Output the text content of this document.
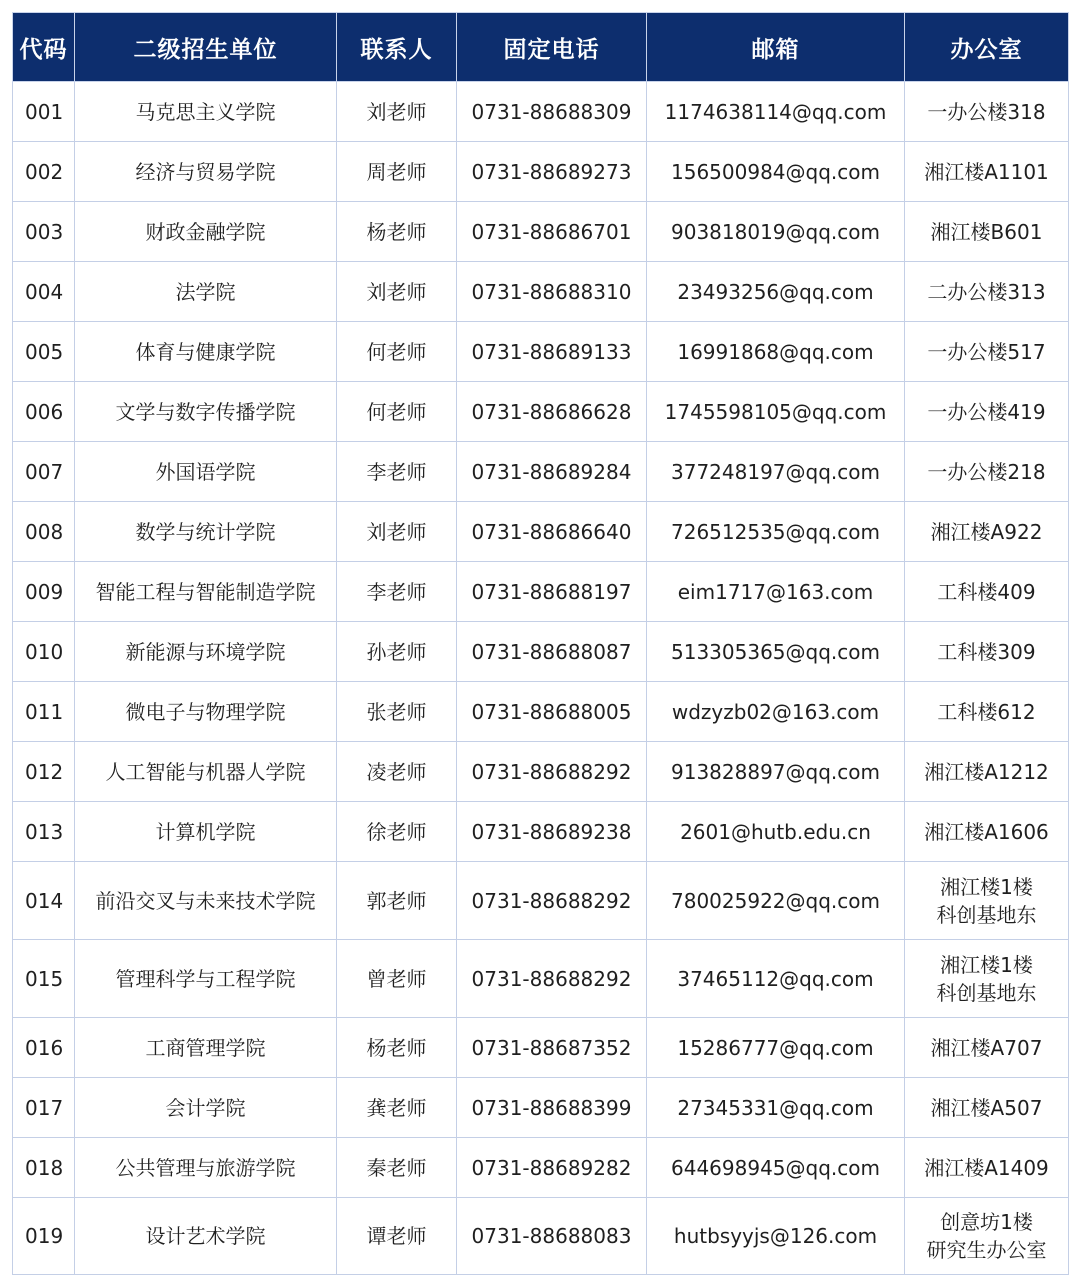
代码	二级招生单位	联系人	固定电话	邮箱	办公室
001	马克思主义学院	刘老师	0731-88688309	1174638114@qq.com	一办公楼318

002	经济与贸易学院	周老师	0731-88689273	156500984@qq.com	湘江楼A1101

003	财政金融学院	杨老师	0731-88686701	903818019@qq.com	湘江楼B601

004	法学院	刘老师	0731-88688310	23493256@qq.com	二办公楼313

005	体育与健康学院	何老师	0731-88689133	16991868@qq.com	一办公楼517

006	文学与数字传播学院	何老师	0731-88686628	1745598105@qq.com	一办公楼419

007	外国语学院	李老师	0731-88689284	377248197@qq.com	一办公楼218

008	数学与统计学院	刘老师	0731-88686640	726512535@qq.com	湘江楼A922

009	智能工程与智能制造学院	李老师	0731-88688197	eim1717@163.com	工科楼409

010	新能源与环境学院	孙老师	0731-88688087	513305365@qq.com	工科楼309

011	微电子与物理学院	张老师	0731-88688005	wdzyzb02@163.com	工科楼612

012	人工智能与机器人学院	凌老师	0731-88688292	913828897@qq.com	湘江楼A1212

013	计算机学院	徐老师	0731-88689238	2601@hutb.edu.cn	湘江楼A1606

014	前沿交叉与未来技术学院	郭老师	0731-88688292	780025922@qq.com	湘江楼1楼
科创基地东

015	管理科学与工程学院	曾老师	0731-88688292	37465112@qq.com	湘江楼1楼
科创基地东

016	工商管理学院	杨老师	0731-88687352	15286777@qq.com	湘江楼A707

017	会计学院	龚老师	0731-88688399	27345331@qq.com	湘江楼A507

018	公共管理与旅游学院	秦老师	0731-88689282	644698945@qq.com	湘江楼A1409

019	设计艺术学院	谭老师	0731-88688083	hutbsyyjs@126.com	创意坊1楼
研究生办公室
